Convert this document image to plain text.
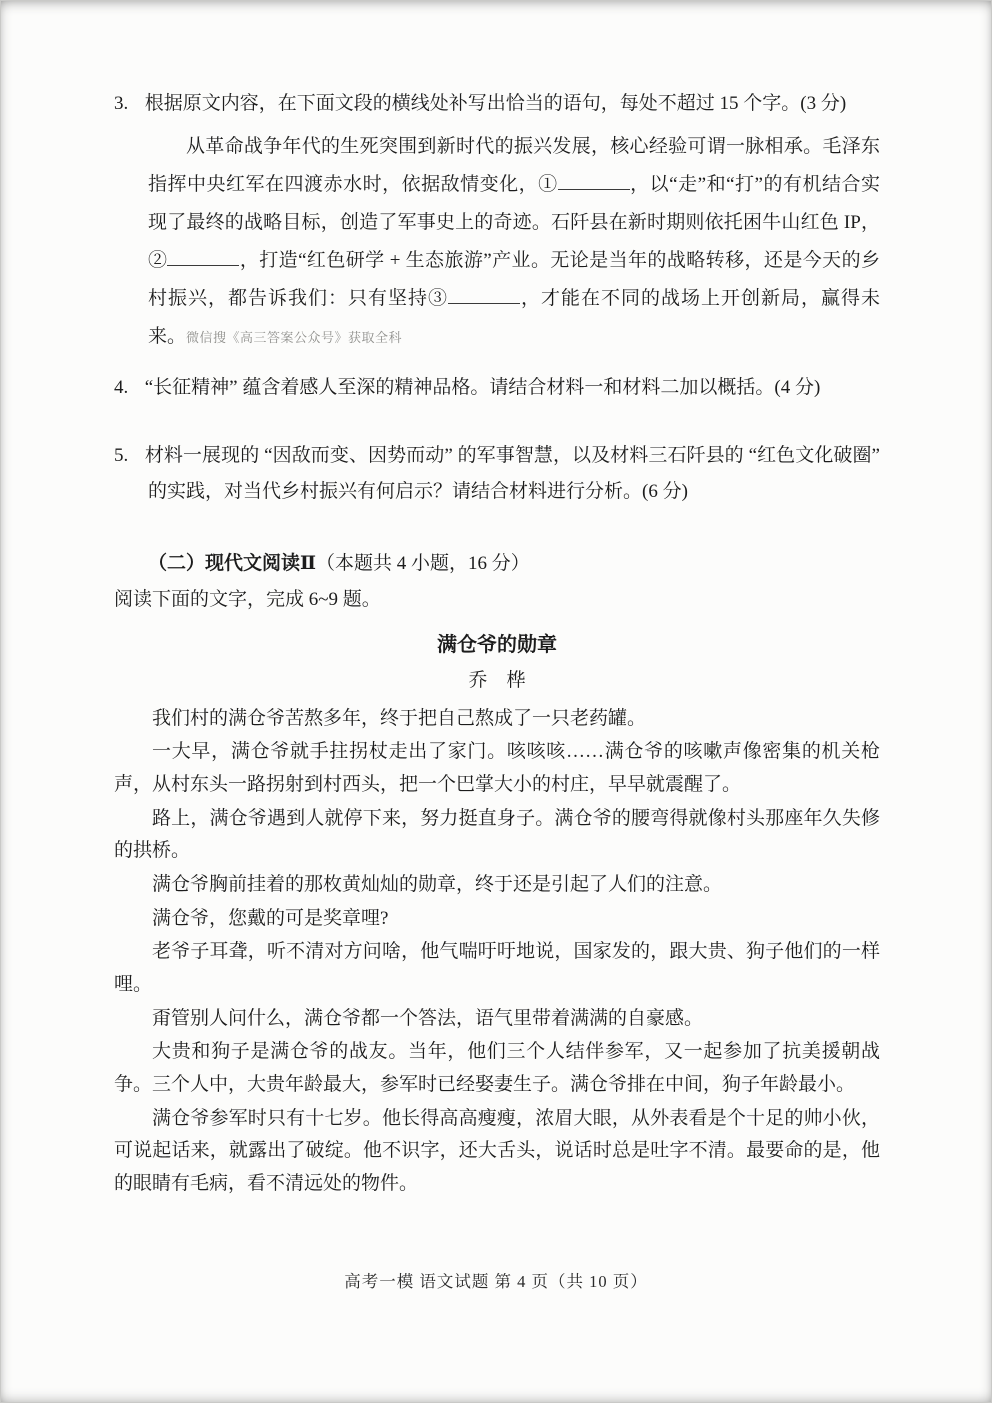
3. 根据原文内容，在下面文段的横线处补写出恰当的语句，每处不超过 15 个字。(3 分)

从革命战争年代的生死突围到新时代的振兴发展，核心经验可谓一脉相承。毛泽东指挥中央红军在四渡赤水时，依据敌情变化，①	，以“走”和“打”的有机结合实现了最终的战略目标，创造了军事史上的奇迹。石阡县在新时期则依托困牛山红色 IP，②	，打造“红色研学 + 生态旅游”产业。无论是当年的战略转移，还是今天的乡村振兴，都告诉我们：只有坚持③	，才能在不同的战场上开创新局，赢得未来。微信搜《高三答案公众号》获取全科

4. “长征精神” 蕴含着感人至深的精神品格。请结合材料一和材料二加以概括。(4 分)

5. 材料一展现的 “因敌而变、因势而动” 的军事智慧，以及材料三石阡县的 “红色文化破圈” 的实践，对当代乡村振兴有何启示？请结合材料进行分析。(6 分)

（二）现代文阅读Ⅱ（本题共 4 小题，16 分）

阅读下面的文字，完成 6~9 题。

满仓爷的勋章

乔　桦

我们村的满仓爷苦熬多年，终于把自己熬成了一只老药罐。

一大早，满仓爷就手拄拐杖走出了家门。咳咳咳……满仓爷的咳嗽声像密集的机关枪声，从村东头一路拐射到村西头，把一个巴掌大小的村庄，早早就震醒了。

路上，满仓爷遇到人就停下来，努力挺直身子。满仓爷的腰弯得就像村头那座年久失修的拱桥。

满仓爷胸前挂着的那枚黄灿灿的勋章，终于还是引起了人们的注意。

满仓爷，您戴的可是奖章哩?

老爷子耳聋，听不清对方问啥，他气喘吁吁地说，国家发的，跟大贵、狗子他们的一样哩。

甭管别人问什么，满仓爷都一个答法，语气里带着满满的自豪感。

大贵和狗子是满仓爷的战友。当年，他们三个人结伴参军，又一起参加了抗美援朝战争。三个人中，大贵年龄最大，参军时已经娶妻生子。满仓爷排在中间，狗子年龄最小。

满仓爷参军时只有十七岁。他长得高高瘦瘦，浓眉大眼，从外表看是个十足的帅小伙，可说起话来，就露出了破绽。他不识字，还大舌头，说话时总是吐字不清。最要命的是，他的眼睛有毛病，看不清远处的物件。

高考一模 语文试题 第 4 页（共 10 页）
